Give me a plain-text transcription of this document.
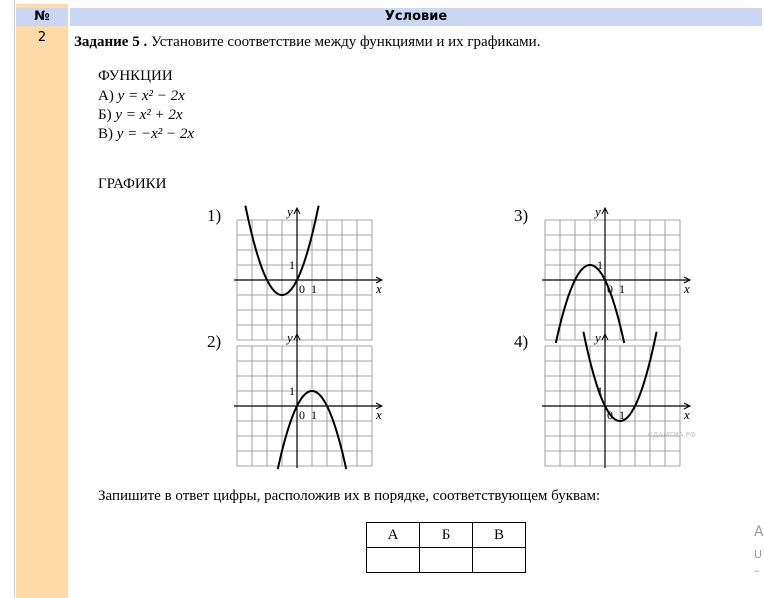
№	Условие
2	Задание 5 . Установите соответствие между функциями и их графиками.
ФУНКЦИИ
А) y = x² − 2x
Б) y = x² + 2x
В) y = −x² − 2x
ГРАФИКИ
1)
2)
3)
4)
x
y
0 1
1
x
y
0 1
1
x
y
0 1
1
x
y
0 1
1
СДАМГИА.РФ
Запишите в ответ цифры, расположив их в порядке, соответствующем буквам:
А	Б	В
			A
U
–
